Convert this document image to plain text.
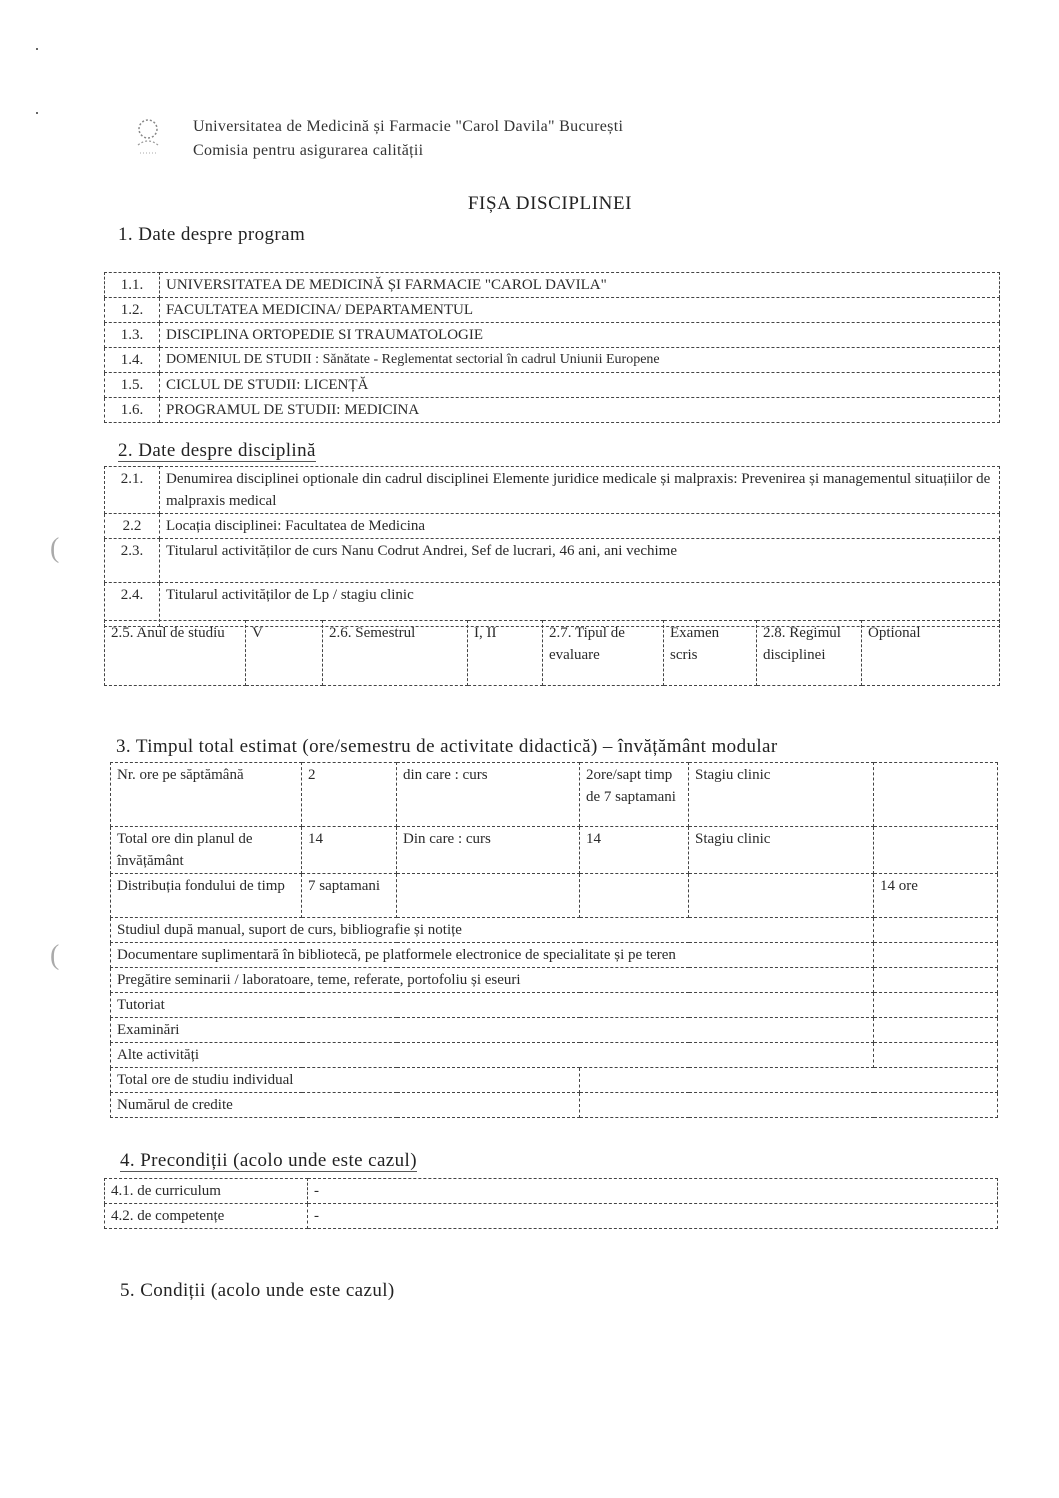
(
(
Universitatea de Medicină și Farmacie "Carol Davila" București
Comisia pentru asigurarea calității
FIȘA DISCIPLINEI
1. Date despre program
1.1.	UNIVERSITATEA DE MEDICINĂ ȘI FARMACIE "CAROL DAVILA"
1.2.	FACULTATEA MEDICINA/ DEPARTAMENTUL
1.3.	DISCIPLINA ORTOPEDIE SI TRAUMATOLOGIE
1.4.	DOMENIUL DE STUDII : Sănătate - Reglementat sectorial în cadrul Uniunii Europene
1.5.	CICLUL DE STUDII: LICENȚĂ
1.6.	PROGRAMUL DE STUDII: MEDICINA
2. Date despre disciplină
2.1.	Denumirea disciplinei optionale din cadrul disciplinei Elemente juridice medicale și malpraxis: Prevenirea și managementul situațiilor de malpraxis medical
2.2	Locația disciplinei: Facultatea de Medicina
2.3.	Titularul activităților de curs Nanu Codrut Andrei, Sef de lucrari, 46 ani, ani vechime
2.4.	Titularul activităților de Lp / stagiu clinic
2.5. Anul de studiu	V	2.6. Semestrul	I, II	2.7. Tipul de evaluare	Examen scris	2.8. Regimul disciplinei	Optional
3. Timpul total estimat (ore/semestru de activitate didactică) – învățământ modular
Nr. ore pe săptămână	2	din care : curs	2ore/sapt timp de 7 saptamani	Stagiu clinic	
Total ore din planul de învățământ	14	Din care : curs	14	Stagiu clinic	
Distribuția fondului de timp	7 saptamani				14 ore
Studiul după manual, suport de curs, bibliografie și notițe					
Documentare suplimentară în bibliotecă, pe platformele electronice de specialitate și pe teren					
Pregătire seminarii / laboratoare, teme, referate, portofoliu și eseuri					
Tutoriat					
Examinări					
Alte activități					
Total ore de studiu individual					
Numărul de credite					
4. Precondiții (acolo unde este cazul)
4.1. de curriculum	-
4.2. de competențe	-
5. Condiții (acolo unde este cazul)
